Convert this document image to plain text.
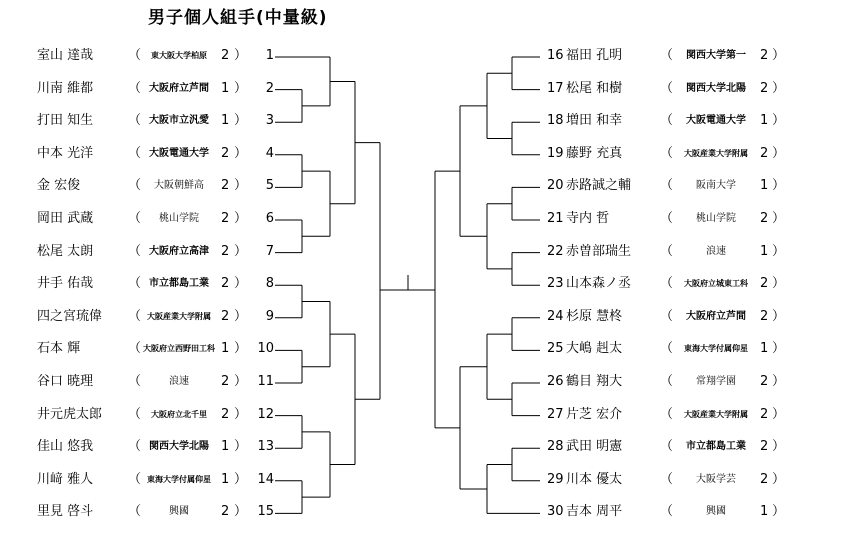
男子個人組手(中量級)
室山 達哉	（	東大阪大学柏原	2 ）	1
川南 維都	（ 大阪府立芦間 1 ）	2
打田 知生	（ 大阪市立汎愛 1 ）	3
中本 光洋	（ 大阪電通大学 2 ）	4
金 宏俊	（	大阪朝鮮高	2 ）	5
岡田 武蔵	（	桃山学院	2 ）	6
松尾 太朗	（ 大阪府立高津 2 ）	7
井手 佑哉	（ 市立都島工業 2 ）	8
四之宮琉偉 （ 大阪産業大学附属 2 ）	9
石本 輝	（ 大阪府立西野田工科 1 ） 10
谷口 暁理	（	浪速	2 ） 11
井元虎太郎 （	大阪府立北千里	2 ） 12
佳山 悠我	（ 関西大学北陽 1 ） 13
川﨑 雅人	（ 東海大学付属仰星 1 ） 14
里見 啓斗	（	興國	2 ） 15
16 福田 孔明	（	関西大学第一	2 ）
17 松尾 和樹	（	関西大学北陽	2 ）
18 増田 和幸	（	大阪電通大学	1 ）
19 藤野 充真	（	大阪産業大学附属 2 ）
20 赤路誠之輔 （	阪南大学	1 ）
21 寺内 哲	（	桃山学院	2 ）
22 赤曽部瑞生 （	浪速	1 ）
23 山本森ノ丞 （	大阪府立城東工科 2 ）
24 杉原 慧柊	（	大阪府立芦間	2 ）
25 大嶋 赳太	（	東海大学付属仰星 1 ）
26 鶴目 翔大	（	常翔学園	2 ）
27 片芝 宏介	（	大阪産業大学附属 2 ）
28 武田 明憲	（	市立都島工業	2 ）
29 川本 優太	（	大阪学芸	2 ）
30 吉本 周平	（	興國	1 ）
